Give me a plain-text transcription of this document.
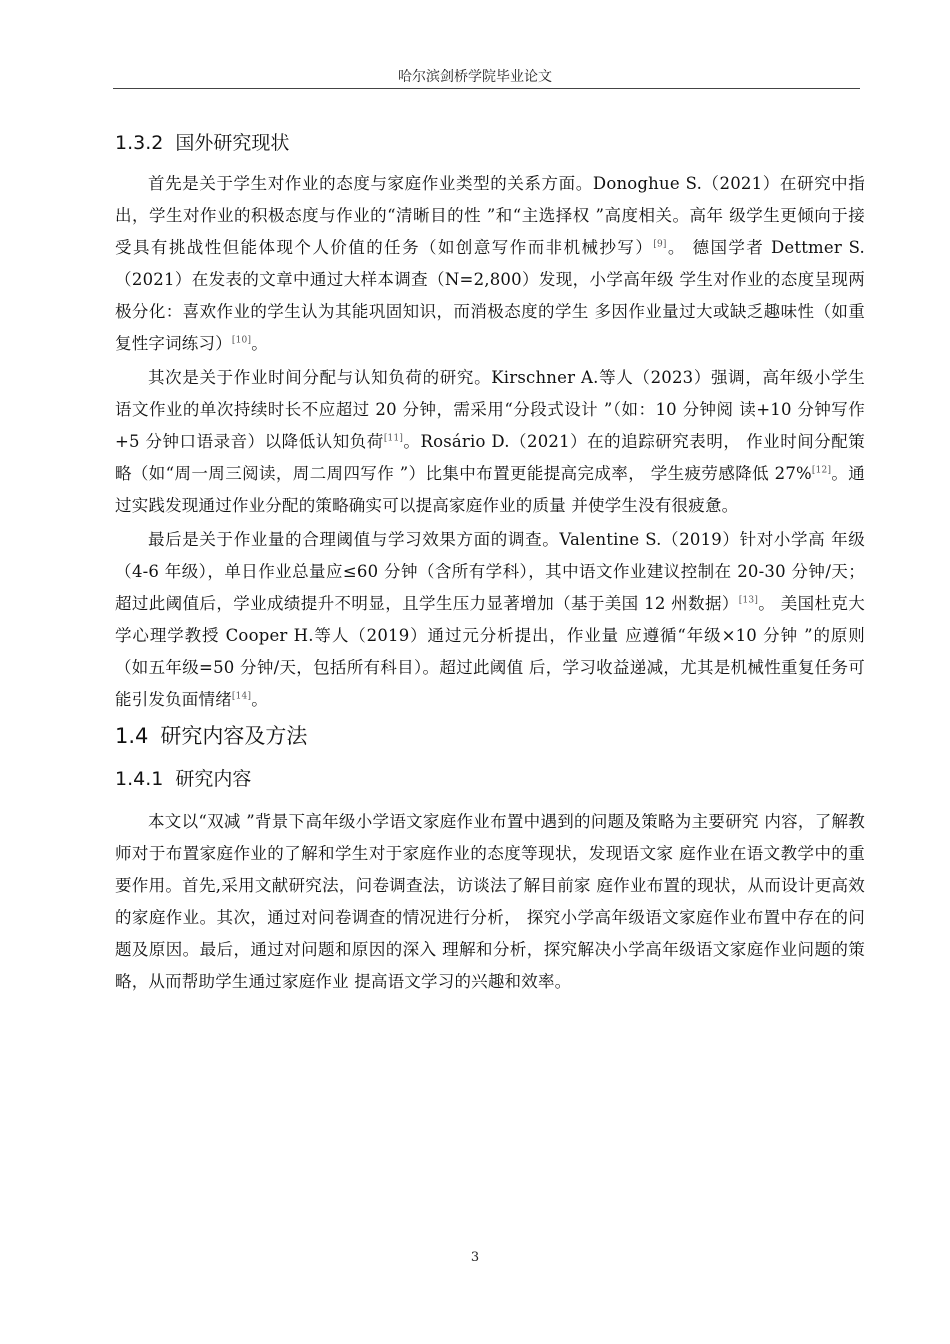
哈尔滨剑桥学院毕业论文
1.3.2 国外研究现状

首先是关于学生对作业的态度与家庭作业类型的关系方面。Donoghue S.（2021）在研究中指出，学生对作业的积极态度与作业的“清晰目的性 ”和“主选择权 ”高度相关。高年 级学生更倾向于接受具有挑战性但能体现个人价值的任务（如创意写作而非机械抄写）[9]。 德国学者 Dettmer S.（2021）在发表的文章中通过大样本调查（N=2,800）发现，小学高年级 学生对作业的态度呈现两极分化：喜欢作业的学生认为其能巩固知识，而消极态度的学生 多因作业量过大或缺乏趣味性（如重复性字词练习）[10]。

其次是关于作业时间分配与认知负荷的研究。Kirschner A.等人（2023）强调，高年级小学生语文作业的单次持续时长不应超过 20 分钟，需采用“分段式设计 ”（如：10 分钟阅 读+10 分钟写作+5 分钟口语录音）以降低认知负荷[11]。Rosário D.（2021）在的追踪研究表明， 作业时间分配策略（如“周一周三阅读，周二周四写作 ”）比集中布置更能提高完成率， 学生疲劳感降低 27%[12]。通过实践发现通过作业分配的策略确实可以提高家庭作业的质量 并使学生没有很疲惫。

最后是关于作业量的合理阈值与学习效果方面的调查。Valentine S.（2019）针对小学高 年级（4-6 年级），单日作业总量应≤60 分钟（含所有学科），其中语文作业建议控制在 20-30 分钟/天；超过此阈值后，学业成绩提升不明显，且学生压力显著增加（基于美国 12 州数据）[13]。 美国杜克大学心理学教授 Cooper H.等人（2019）通过元分析提出，作业量 应遵循“年级×10 分钟 ”的原则（如五年级=50 分钟/天，包括所有科目）。超过此阈值 后，学习收益递减，尤其是机械性重复任务可能引发负面情绪[14]。

1.4 研究内容及方法
1.4.1 研究内容

本文以“双减 ”背景下高年级小学语文家庭作业布置中遇到的问题及策略为主要研究 内容，了解教师对于布置家庭作业的了解和学生对于家庭作业的态度等现状，发现语文家 庭作业在语文教学中的重要作用。首先,采用文献研究法，问卷调查法，访谈法了解目前家 庭作业布置的现状，从而设计更高效的家庭作业。其次，通过对问卷调查的情况进行分析， 探究小学高年级语文家庭作业布置中存在的问题及原因。最后，通过对问题和原因的深入 理解和分析，探究解决小学高年级语文家庭作业问题的策略，从而帮助学生通过家庭作业 提高语文学习的兴趣和效率。

3
